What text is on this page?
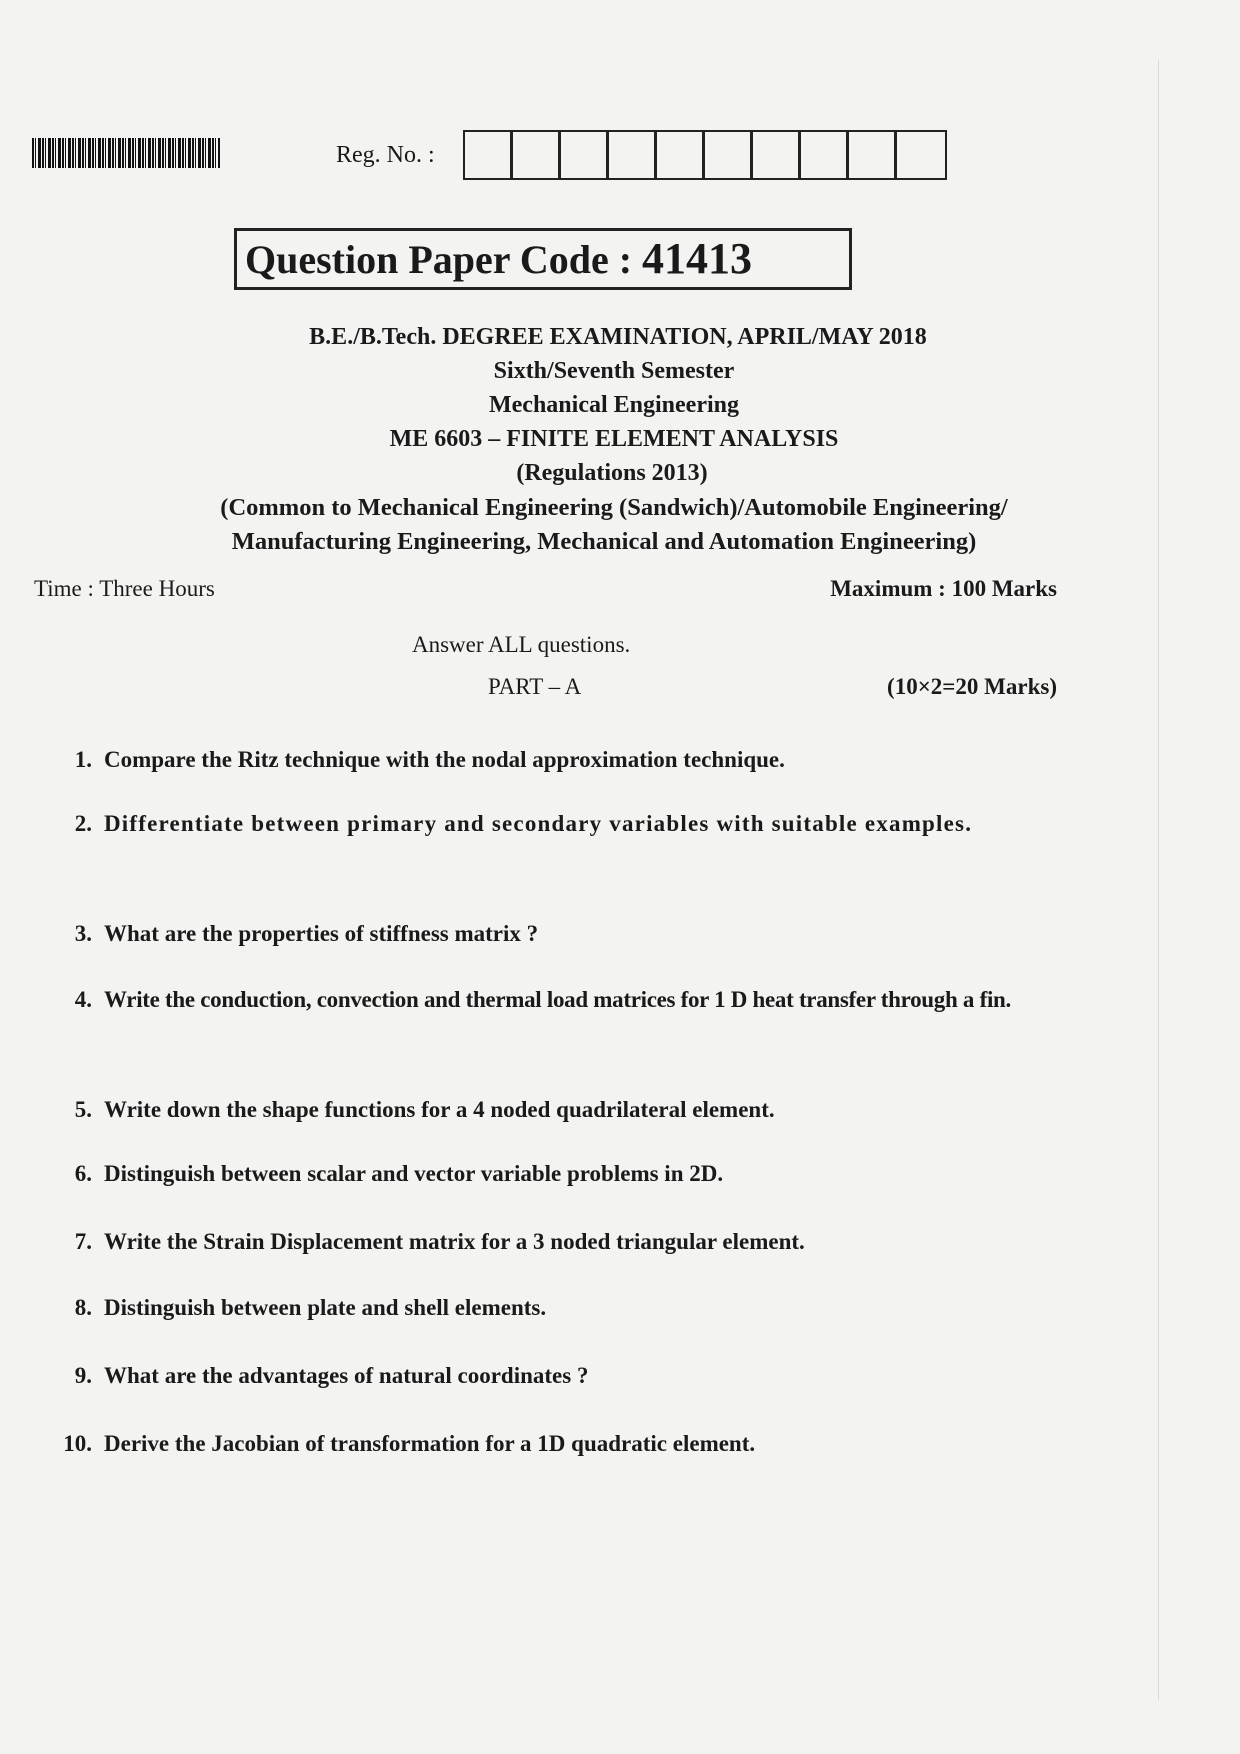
Reg. No. :
Question Paper Code : 41413
B.E./B.Tech. DEGREE EXAMINATION, APRIL/MAY 2018
Sixth/Seventh Semester
Mechanical Engineering
ME 6603 – FINITE ELEMENT ANALYSIS
(Regulations 2013)
(Common to Mechanical Engineering (Sandwich)/Automobile Engineering/
Manufacturing Engineering, Mechanical and Automation Engineering)
Time : Three Hours	Maximum : 100 Marks
Answer ALL questions.
PART – A	(10×2=20 Marks)
1. Compare the Ritz technique with the nodal approximation technique.
2. Differentiate between primary and secondary variables with suitable examples.
3. What are the properties of stiffness matrix ?
4. Write the conduction, convection and thermal load matrices for 1 D heat transfer through a fin.
5. Write down the shape functions for a 4 noded quadrilateral element.
6. Distinguish between scalar and vector variable problems in 2D.
7. Write the Strain Displacement matrix for a 3 noded triangular element.
8. Distinguish between plate and shell elements.
9. What are the advantages of natural coordinates ?
10. Derive the Jacobian of transformation for a 1D quadratic element.
